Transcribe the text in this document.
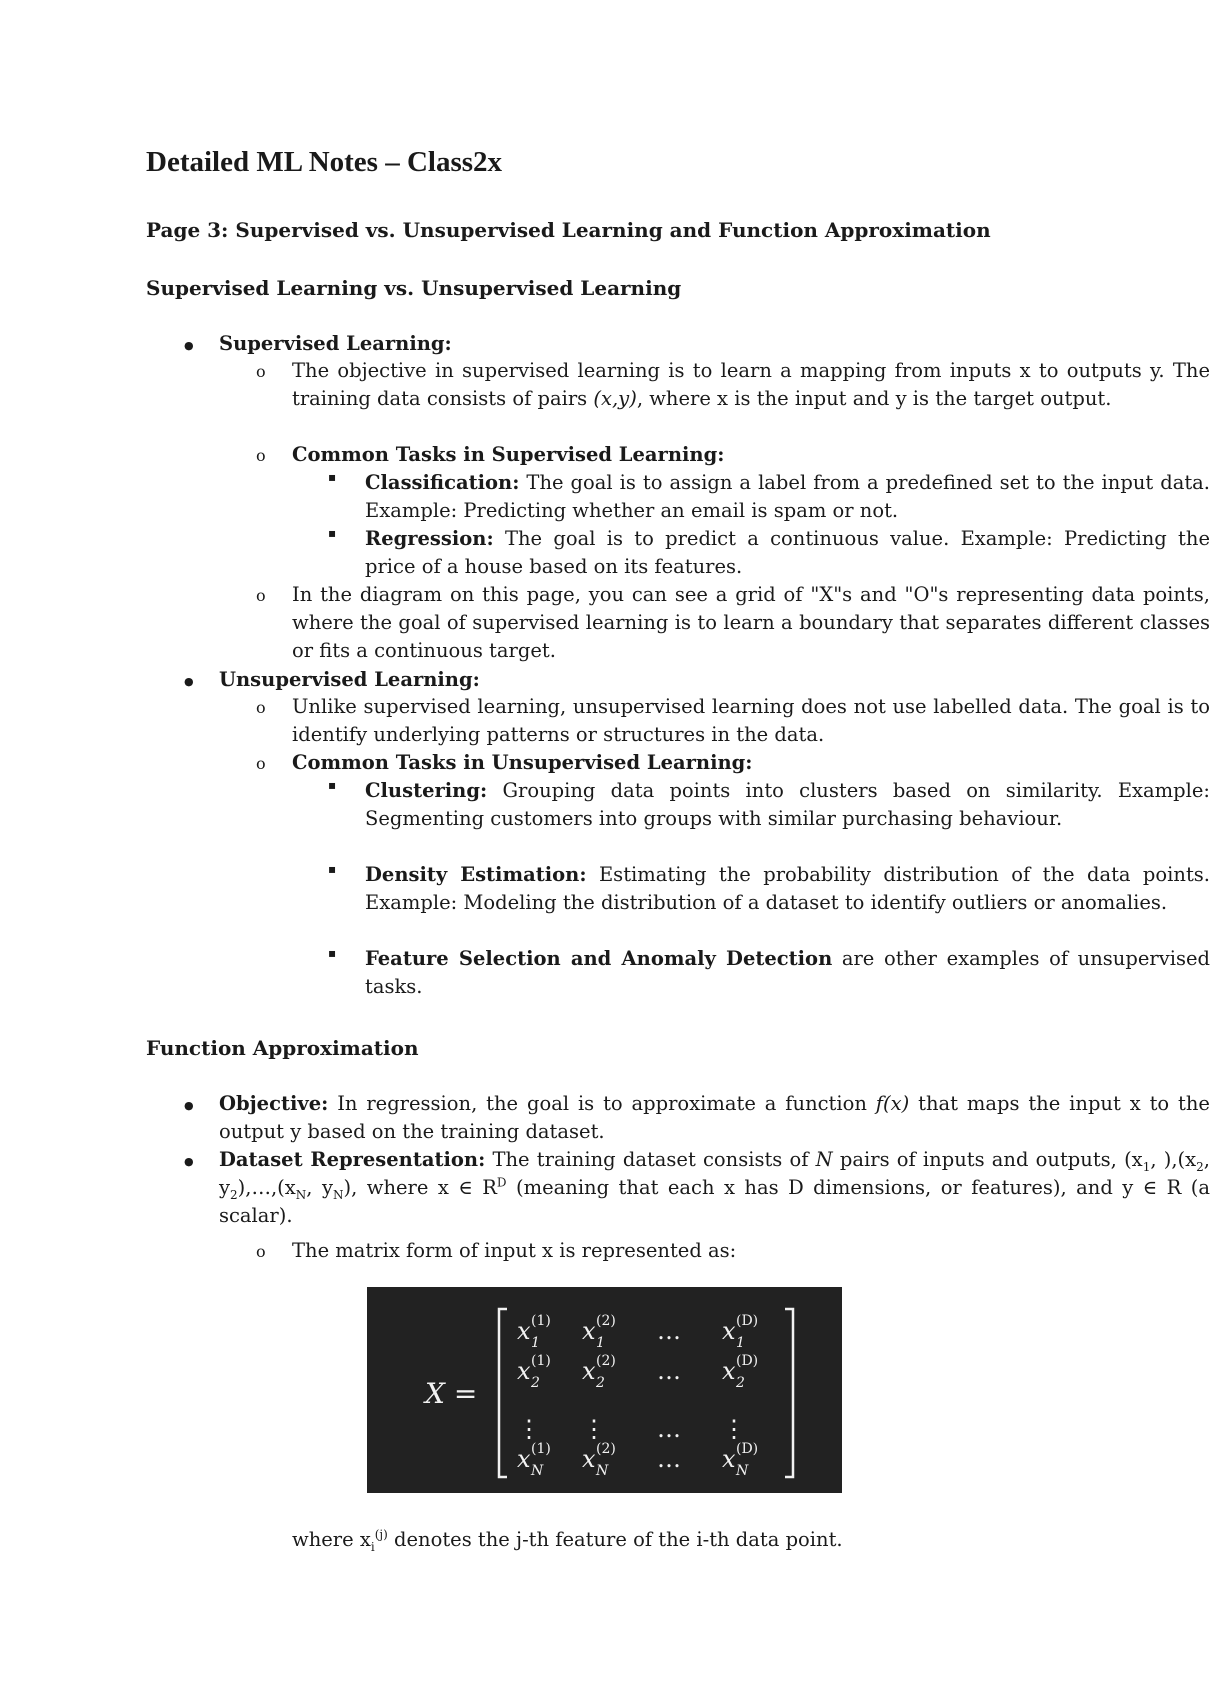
Detailed ML Notes – Class2x
Page 3: Supervised vs. Unsupervised Learning and Function Approximation
Supervised Learning vs. Unsupervised Learning
● Supervised Learning:
o The objective in supervised learning is to learn a mapping from inputs x to outputs y. The training data consists of pairs (x,y), where x is the input and y is the target output.
o Common Tasks in Supervised Learning:
▪ Classification: The goal is to assign a label from a predefined set to the input data. Example: Predicting whether an email is spam or not.
▪ Regression: The goal is to predict a continuous value. Example: Predicting the price of a house based on its features.
o In the diagram on this page, you can see a grid of "X"s and "O"s representing data points, where the goal of supervised learning is to learn a boundary that separates different classes or fits a continuous target.
● Unsupervised Learning:
o Unlike supervised learning, unsupervised learning does not use labelled data. The goal is to identify underlying patterns or structures in the data.
o Common Tasks in Unsupervised Learning:
▪ Clustering: Grouping data points into clusters based on similarity. Example: Segmenting customers into groups with similar purchasing behaviour.
▪ Density Estimation: Estimating the probability distribution of the data points. Example: Modeling the distribution of a dataset to identify outliers or anomalies.
▪ Feature Selection and Anomaly Detection are other examples of unsupervised tasks.
Function Approximation
● Objective: In regression, the goal is to approximate a function f(x) that maps the input x to the output y based on the training dataset.
● Dataset Representation: The training dataset consists of N pairs of inputs and outputs, ($x_1$, )$,(x_2$, $y_2),\dots,(x_N$, $y_N$), where x ∈ $R^D$ (meaning that each x has D dimensions, or features), and y ∈ R (a scalar).
o The matrix form of input x is represented as:
where $x_i^{(j)}$ denotes the j-th feature of the i-th data point.
X =
x 1
(1) x 1
(2) … x 1
(D)
x 2
(1) x 2
(2) … x 2
(D)
⋮ ⋮ … ⋮
x N
(1) x N
(2) … x N
(D)
